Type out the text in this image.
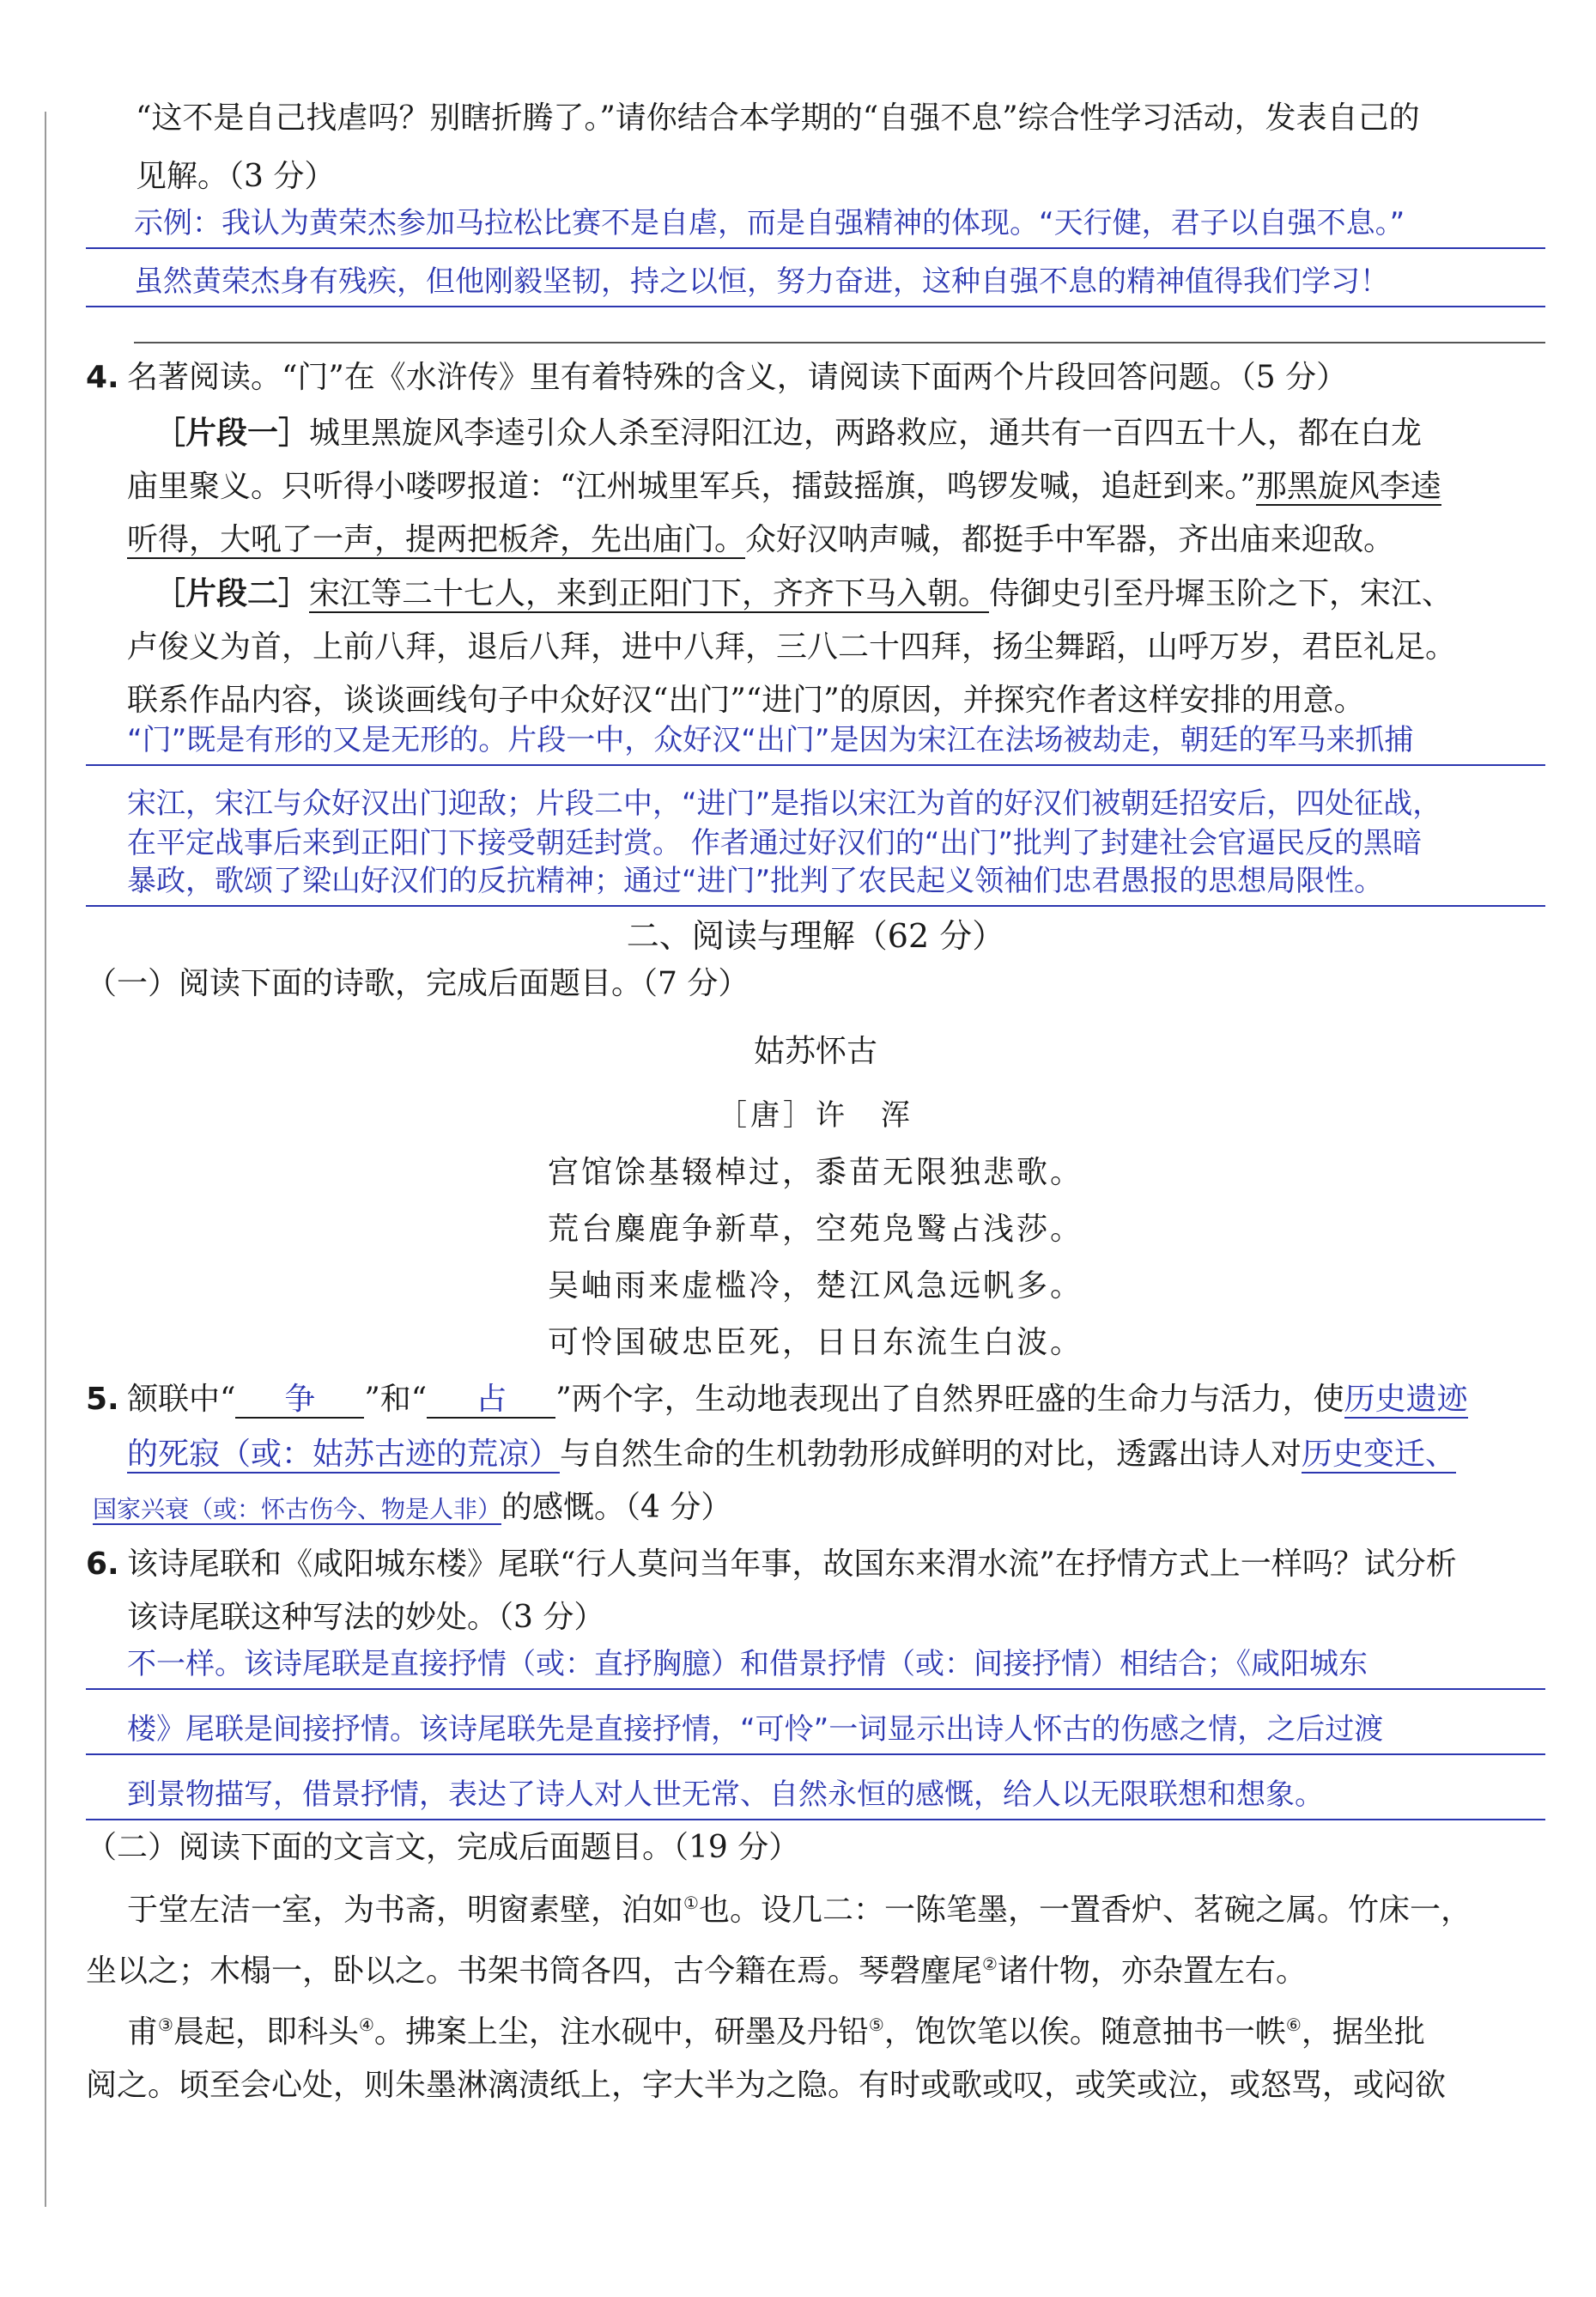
“这不是自己找虐吗？别瞎折腾了。”请你结合本学期的“自强不息”综合性学习活动，发表自己的

见解。（3 分）

示例：我认为黄荣杰参加马拉松比赛不是自虐，而是自强精神的体现。“天行健，君子以自强不息。”
虽然黄荣杰身有残疾，但他刚毅坚韧，持之以恒，努力奋进，这种自强不息的精神值得我们学习！
4. 名著阅读。“门”在《水浒传》里有着特殊的含义，请阅读下面两个片段回答问题。（5 分）

［片段一］城里黑旋风李逵引众人杀至浔阳江边，两路救应，通共有一百四五十人，都在白龙

庙里聚义。只听得小喽啰报道：“江州城里军兵，擂鼓摇旗，鸣锣发喊，追赶到来。”那黑旋风李逵

听得，大吼了一声，提两把板斧，先出庙门。众好汉呐声喊，都挺手中军器，齐出庙来迎敌。

［片段二］宋江等二十七人，来到正阳门下，齐齐下马入朝。侍御史引至丹墀玉阶之下，宋江、

卢俊义为首，上前八拜，退后八拜，进中八拜，三八二十四拜，扬尘舞蹈，山呼万岁，君臣礼足。

联系作品内容，谈谈画线句子中众好汉“出门”“进门”的原因，并探究作者这样安排的用意。

“门”既是有形的又是无形的。片段一中，众好汉“出门”是因为宋江在法场被劫走，朝廷的军马来抓捕
宋江，宋江与众好汉出门迎敌；片段二中，“进门”是指以宋江为首的好汉们被朝廷招安后，四处征战，
在平定战事后来到正阳门下接受朝廷封赏。 作者通过好汉们的“出门”批判了封建社会官逼民反的黑暗
暴政，歌颂了梁山好汉们的反抗精神；通过“进门”批判了农民起义领袖们忠君愚报的思想局限性。
二、阅读与理解（62 分）

（一）阅读下面的诗歌，完成后面题目。（7 分）

姑苏怀古
［唐］许　浑
宫馆馀基辍棹过，黍苗无限独悲歌。
荒台麋鹿争新草，空苑凫鹥占浅莎。
吴岫雨来虚槛冷，楚江风急远帆多。
可怜国破忠臣死，日日东流生白波。
5. 颔联中“ 争 ”和“ 占 ”两个字，生动地表现出了自然界旺盛的生命力与活力，使历史遗迹

的死寂（或：姑苏古迹的荒凉）与自然生命的生机勃勃形成鲜明的对比，透露出诗人对历史变迁、

国家兴衰（或：怀古伤今、物是人非）的感慨。（4 分）

6. 该诗尾联和《咸阳城东楼》尾联“行人莫问当年事，故国东来渭水流”在抒情方式上一样吗？试分析

该诗尾联这种写法的妙处。（3 分）

不一样。该诗尾联是直接抒情（或：直抒胸臆）和借景抒情（或：间接抒情）相结合；《咸阳城东
楼》尾联是间接抒情。该诗尾联先是直接抒情，“可怜”一词显示出诗人怀古的伤感之情，之后过渡
到景物描写，借景抒情，表达了诗人对人世无常、自然永恒的感慨，给人以无限联想和想象。

（二）阅读下面的文言文，完成后面题目。（19 分）

于堂左洁一室，为书斋，明窗素壁，泊如①也。设几二：一陈笔墨，一置香炉、茗碗之属。竹床一，

坐以之；木榻一，卧以之。书架书筒各四，古今籍在焉。琴磬麈尾②诸什物，亦杂置左右。

甫③晨起，即科头④。拂案上尘，注水砚中，研墨及丹铅⑤，饱饮笔以俟。随意抽书一帙⑥，据坐批

阅之。顷至会心处，则朱墨淋漓渍纸上，字大半为之隐。有时或歌或叹，或笑或泣，或怒骂，或闷欲
